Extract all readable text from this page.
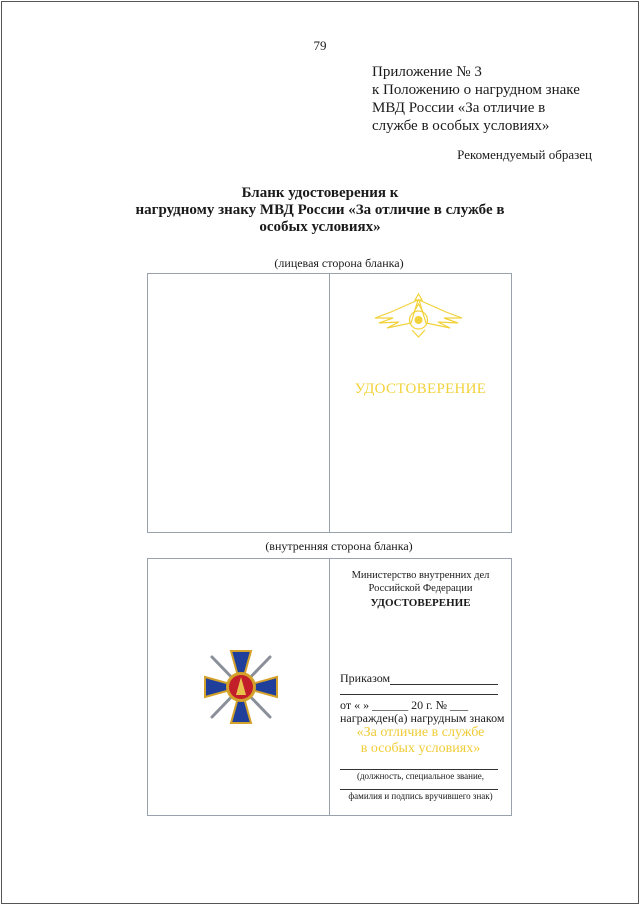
79
Приложение № 3
к Положению о нагрудном знаке
МВД России «За отличие в
службе в особых условиях»
Рекомендуемый образец
Бланк удостоверения к
нагрудному знаку МВД России «За отличие в службе в
особых условиях»
(лицевая сторона бланка)
УДОСТОВЕРЕНИЕ
(внутренняя сторона бланка)
Министерство внутренних дел
Российской Федерации
УДОСТОВЕРЕНИЕ
Приказом
от « » ______ 20 г. № ___
награжден(а) нагрудным знаком
«За отличие в службе
в особых условиях»
(должность, специальное звание,
фамилия и подпись вручившего знак)
